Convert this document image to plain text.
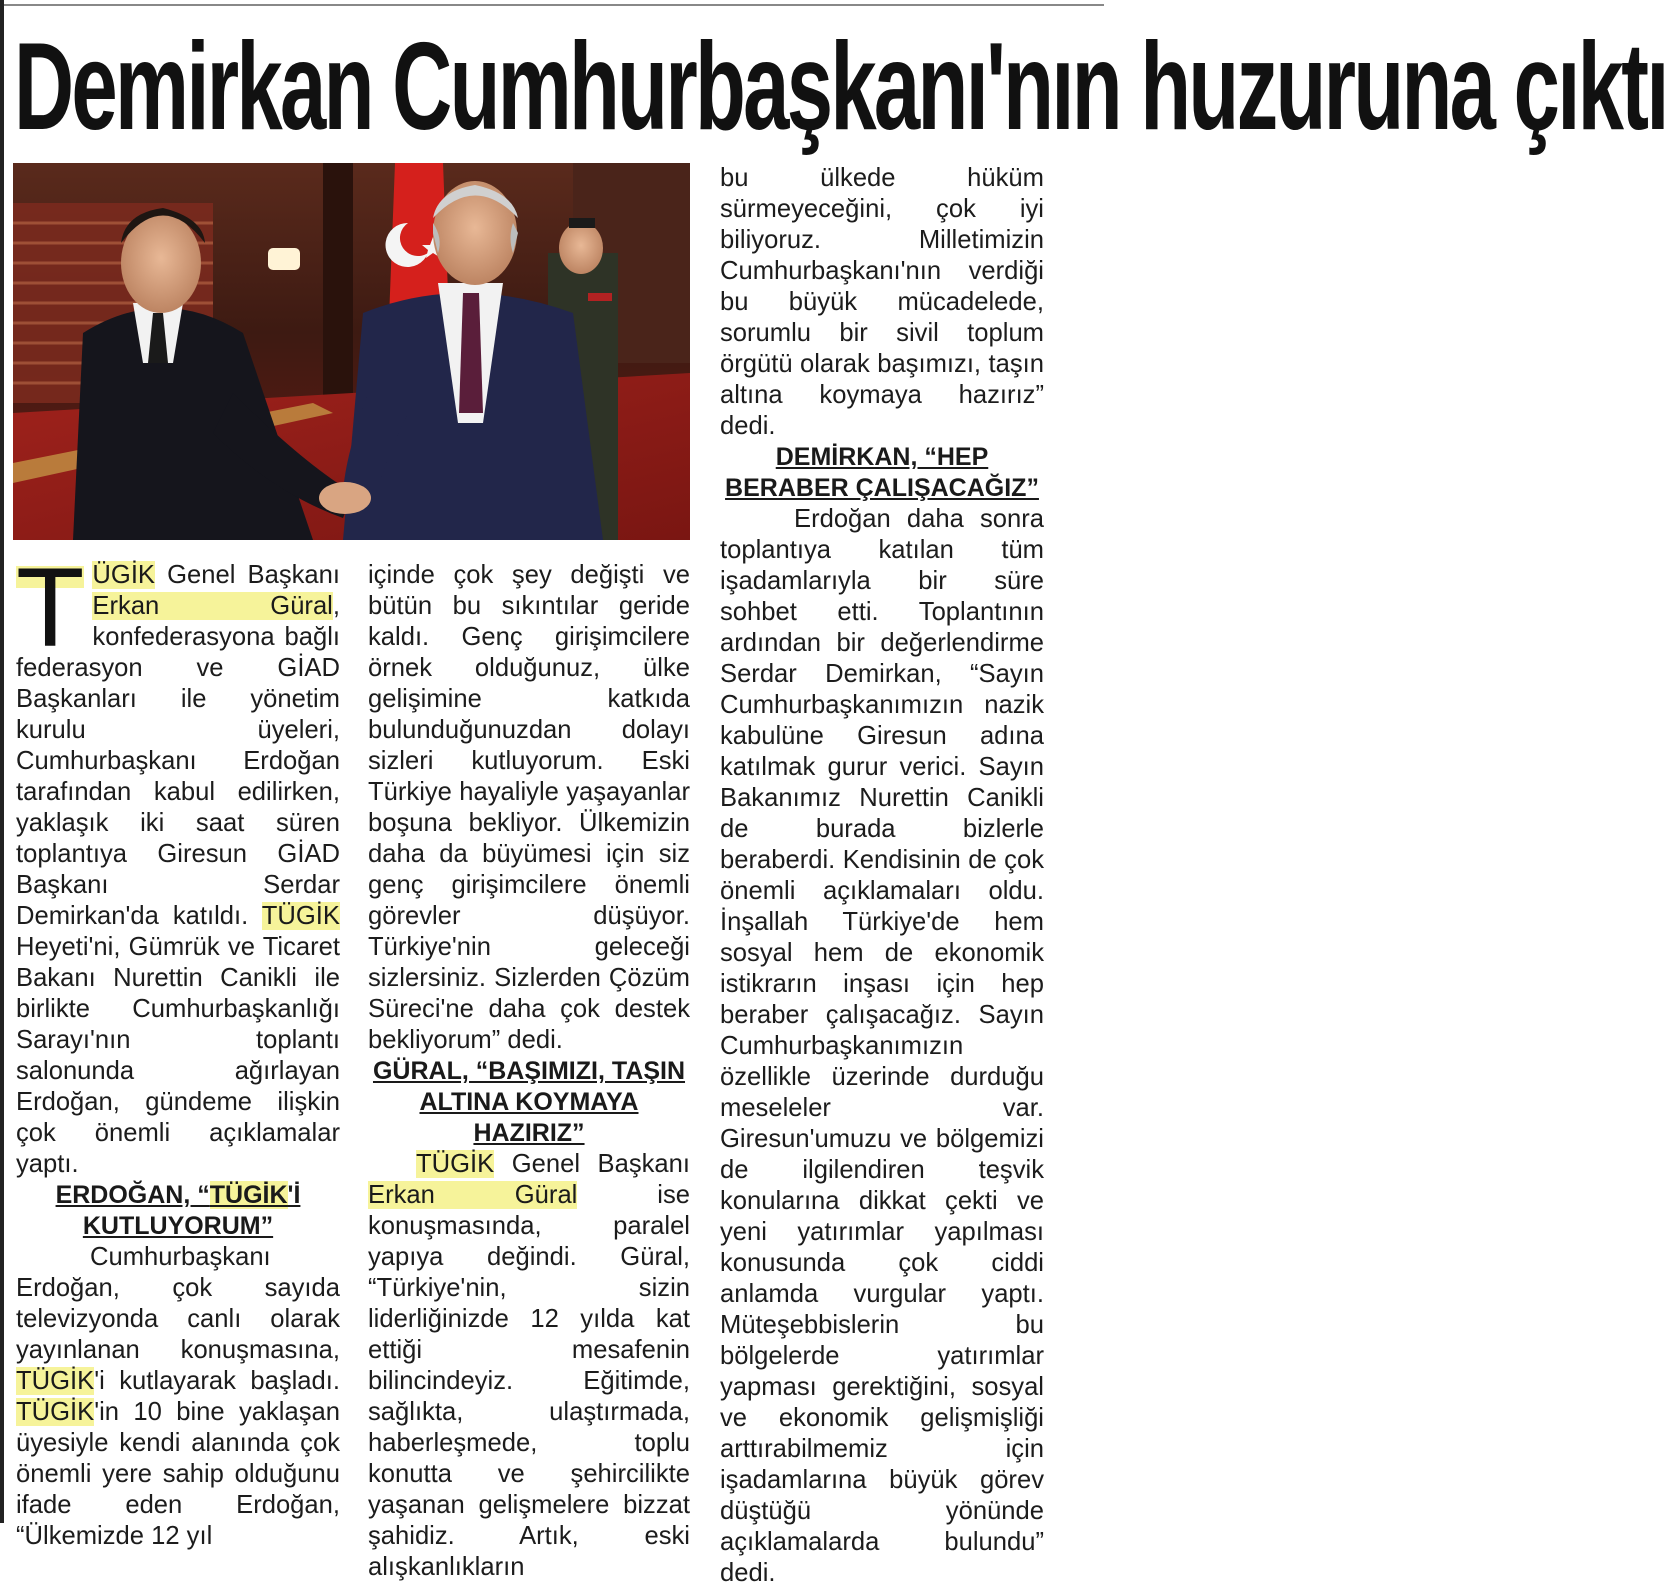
Demirkan Cumhurbaşkanı'nın huzuruna çıktı

T ÜGİK Genel Başkanı Erkan Güral, konfederasyona bağlı federasyon ve GİAD Başkanları ile yönetim kurulu üyeleri, Cumhurbaşkanı Erdoğan tarafından kabul edilirken, yaklaşık iki saat süren toplantıya Giresun GİAD Başkanı Serdar Demirkan'da katıldı. TÜGİK Heyeti'ni, Gümrük ve Ticaret Bakanı Nurettin Canikli ile birlikte Cumhurbaşkanlığı Sarayı'nın toplantı salonunda ağırlayan Erdoğan, gündeme ilişkin çok önemli açıklamalar yaptı.

ERDOĞAN, “TÜGİK'İ KUTLUYORUM”

Cumhurbaşkanı Erdoğan, çok sayıda televizyonda canlı olarak yayınlanan konuşmasına, TÜGİK'i kutlayarak başladı. TÜGİK'in 10 bine yaklaşan üyesiyle kendi alanında çok önemli yere sahip olduğunu ifade eden Erdoğan, “Ülkemizde 12 yıl

içinde çok şey değişti ve bütün bu sıkıntılar geride kaldı. Genç girişimcilere örnek olduğunuz, ülke gelişimine katkıda bulunduğunuzdan dolayı sizleri kutluyorum. Eski Türkiye hayaliyle yaşayanlar boşuna bekliyor. Ülkemizin daha da büyümesi için siz genç girişimcilere önemli görevler düşüyor. Türkiye'nin geleceği sizlersiniz. Sizlerden Çözüm Süreci'ne daha çok destek bekliyorum” dedi.

GÜRAL, “BAŞIMIZI, TAŞIN ALTINA KOYMAYA HAZIRIZ”

TÜGİK Genel Başkanı Erkan Güral ise konuşmasında, paralel yapıya değindi. Güral, “Türkiye'nin, sizin liderliğinizde 12 yılda kat ettiği mesafenin bilincindeyiz. Eğitimde, sağlıkta, ulaştırmada, haberleşmede, toplu konutta ve şehircilikte yaşanan gelişmelere bizzat şahidiz. Artık, eski alışkanlıkların

bu ülkede hüküm sürmeyeceğini, çok iyi biliyoruz. Milletimizin Cumhurbaşkanı'nın verdiği bu büyük mücadelede, sorumlu bir sivil toplum örgütü olarak başımızı, taşın altına koymaya hazırız” dedi.

DEMİRKAN, “HEP BERABER ÇALIŞACAĞIZ”

Erdoğan daha sonra toplantıya katılan tüm işadamlarıyla bir süre sohbet etti. Toplantının ardından bir değerlendirme Serdar Demirkan, “Sayın Cumhurbaşkanımızın nazik kabulüne Giresun adına katılmak gurur verici. Sayın Bakanımız Nurettin Canikli de burada bizlerle beraberdi. Kendisinin de çok önemli açıklamaları oldu. İnşallah Türkiye'de hem sosyal hem de ekonomik istikrarın inşası için hep beraber çalışacağız. Sayın Cumhurbaşkanımızın özellikle üzerinde durduğu meseleler var. Giresun'umuzu ve bölgemizi de ilgilendiren teşvik konularına dikkat çekti ve yeni yatırımlar yapılması konusunda çok ciddi anlamda vurgular yaptı. Müteşebbislerin bu bölgelerde yatırımlar yapması gerektiğini, sosyal ve ekonomik gelişmişliği arttırabilmemiz için işadamlarına büyük görev düştüğü yönünde açıklamalarda bulundu” dedi.
